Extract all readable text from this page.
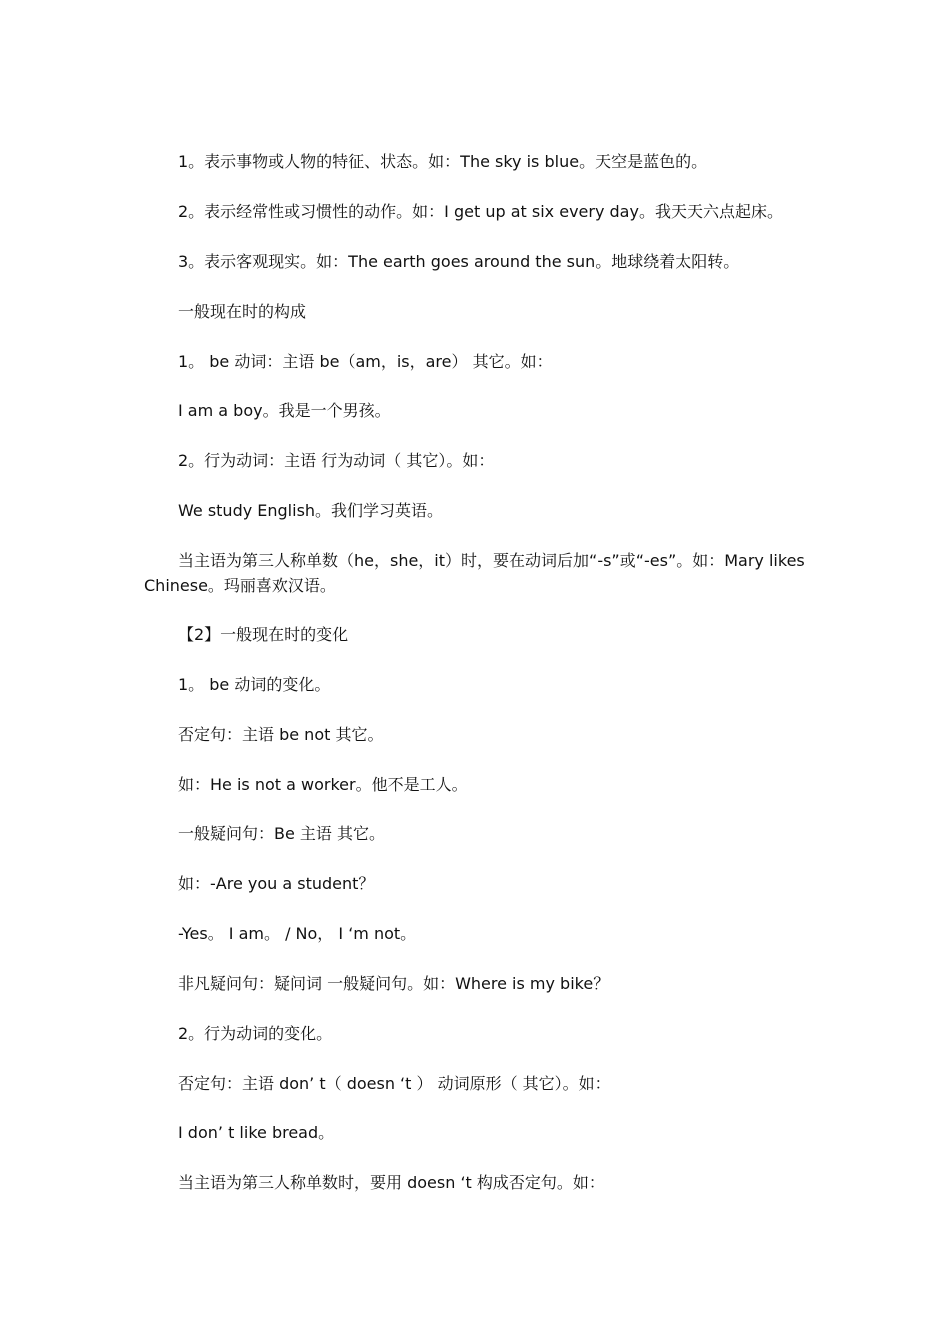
1。表示事物或人物的特征、状态。如：The sky is blue。天空是蓝色的。
2。表示经常性或习惯性的动作。如：I get up at six every day。我天天六点起床。
3。表示客观现实。如：The earth goes around the sun。地球绕着太阳转。
一般现在时的构成
1。 be 动词：主语 be（am，is，are） 其它。如：
I am a boy。我是一个男孩。
2。行为动词：主语 行为动词（ 其它）。如：
We study English。我们学习英语。
当主语为第三人称单数（he，she，it）时，要在动词后加“-s”或“-es”。如：Mary likes Chinese。玛丽喜欢汉语。
【2】一般现在时的变化
1。 be 动词的变化。
否定句：主语 be not 其它。
如：He is not a worker。他不是工人。
一般疑问句：Be 主语 其它。
如：-Are you a student？
-Yes。 I am。 / No， I ‘m not。
非凡疑问句：疑问词 一般疑问句。如：Where is my bike？
2。行为动词的变化。
否定句：主语 don’ t（ doesn ‘t ） 动词原形（ 其它）。如：
I don’ t like bread。
当主语为第三人称单数时，要用 doesn ‘t 构成否定句。如：
